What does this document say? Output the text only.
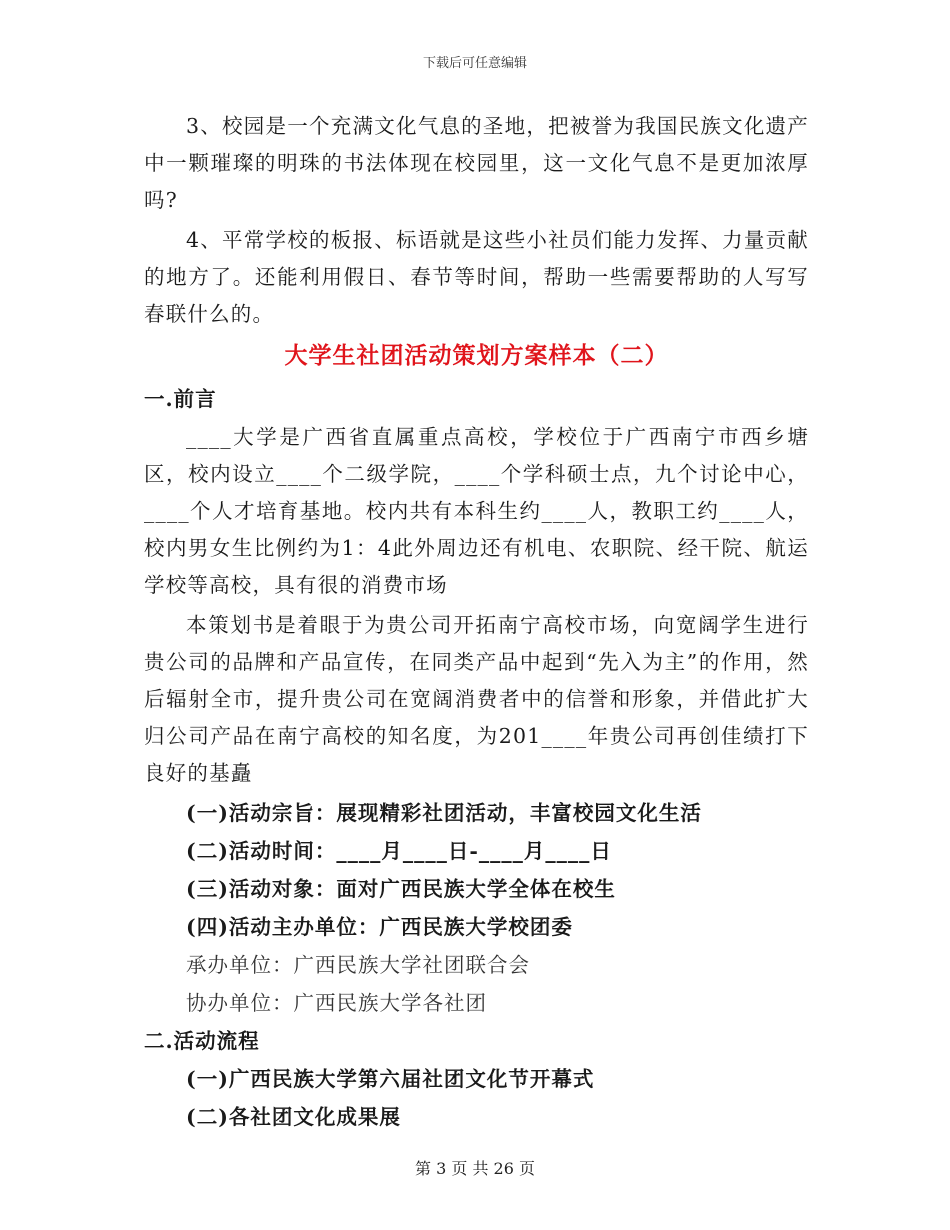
下载后可任意编辑

3、校园是一个充满文化气息的圣地，把被誉为我国民族文化遗产中一颗璀璨的明珠的书法体现在校园里，这一文化气息不是更加浓厚吗?

4、平常学校的板报、标语就是这些小社员们能力发挥、力量贡献的地方了。还能利用假日、春节等时间，帮助一些需要帮助的人写写春联什么的。

大学生社团活动策划方案样本（二）
一.前言

____大学是广西省直属重点高校，学校位于广西南宁市西乡塘区，校内设立____个二级学院，____个学科硕士点，九个讨论中心，____个人才培育基地。校内共有本科生约____人，教职工约____人，校内男女生比例约为1：4此外周边还有机电、农职院、经干院、航运学校等高校，具有很的消费市场

本策划书是着眼于为贵公司开拓南宁高校市场，向宽阔学生进行贵公司的品牌和产品宣传，在同类产品中起到“先入为主”的作用，然后辐射全市，提升贵公司在宽阔消费者中的信誉和形象，并借此扩大归公司产品在南宁高校的知名度，为201____年贵公司再创佳绩打下良好的基矗

(一)活动宗旨：展现精彩社团活动，丰富校园文化生活
(二)活动时间：____月____日-____月____日
(三)活动对象：面对广西民族大学全体在校生
(四)活动主办单位：广西民族大学校团委
承办单位：广西民族大学社团联合会
协办单位：广西民族大学各社团
二.活动流程
(一)广西民族大学第六届社团文化节开幕式
(二)各社团文化成果展
第 3 页 共 26 页
